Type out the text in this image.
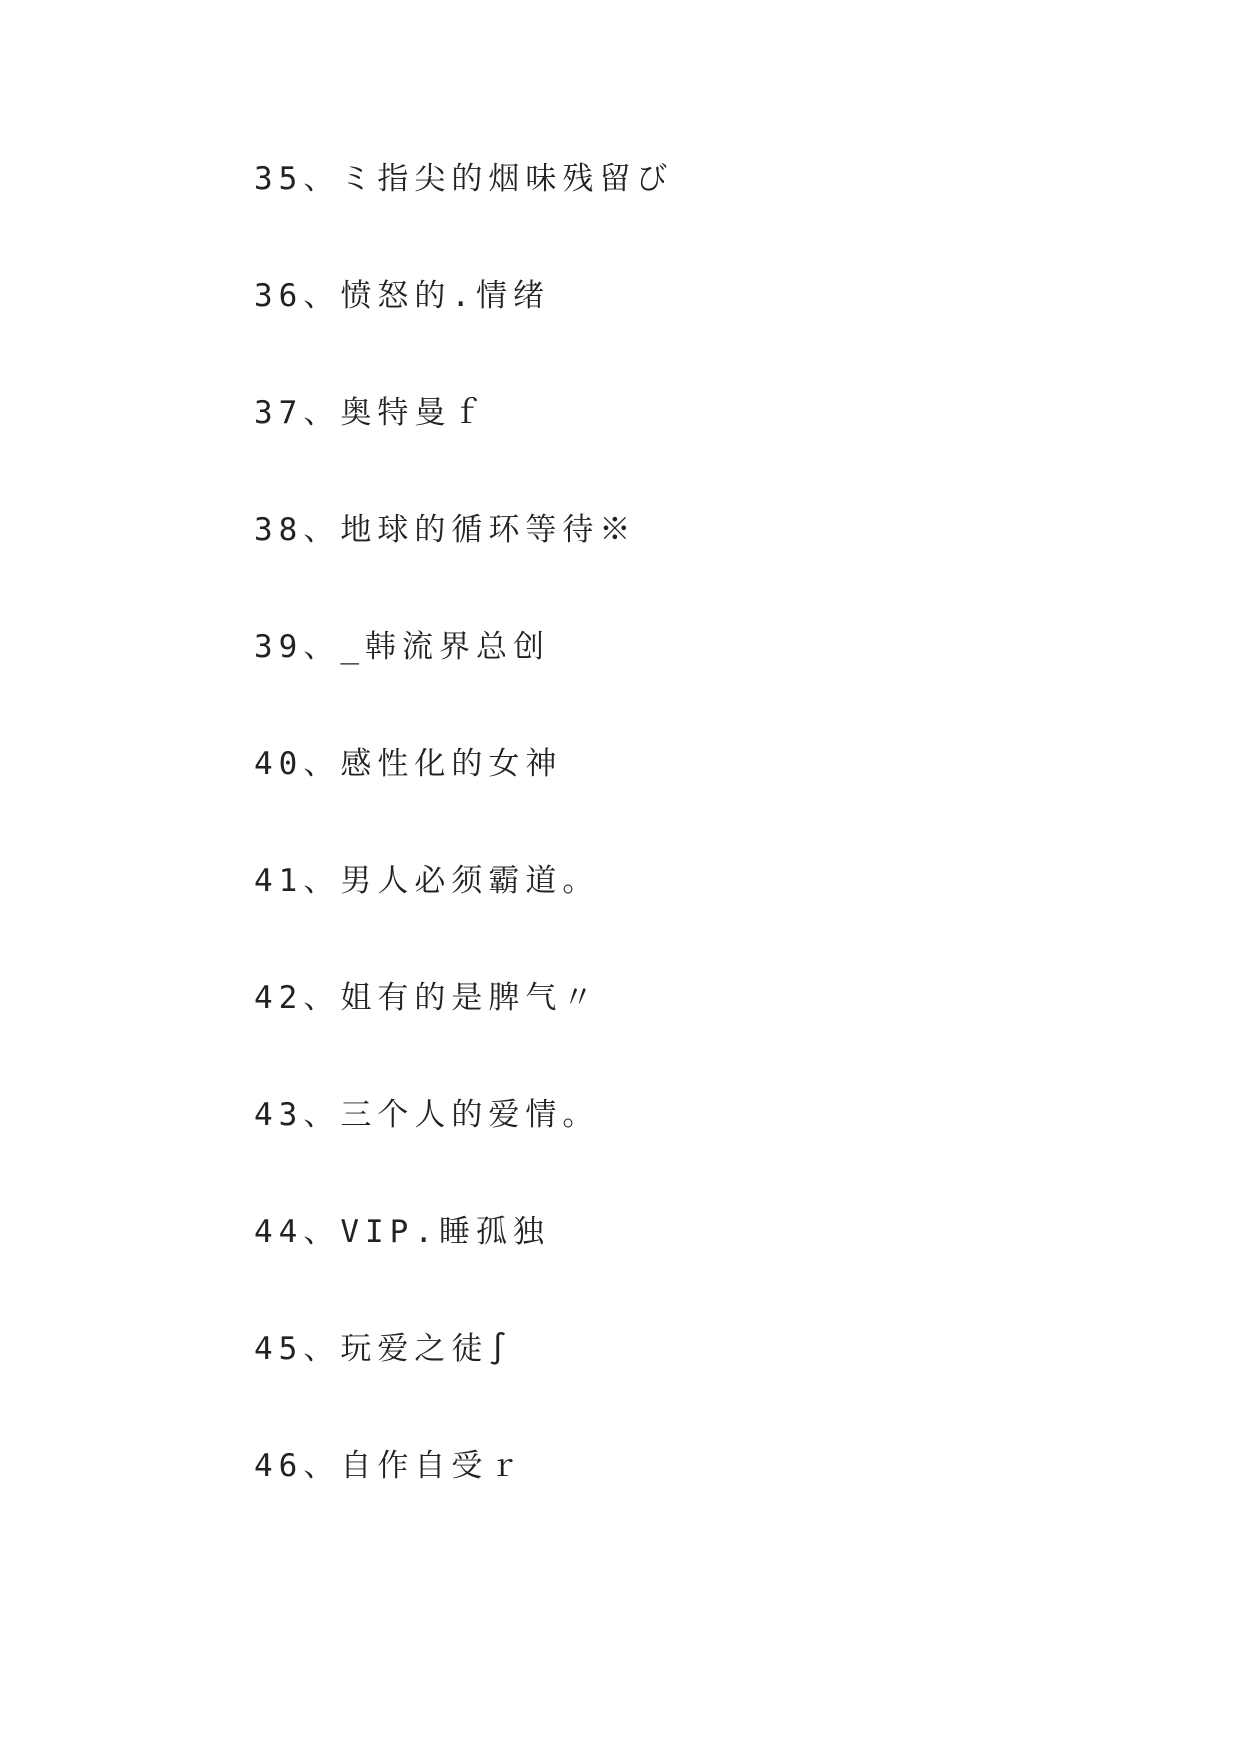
35、ミ指尖的烟味残留び
36、愤怒的.情绪
37、奥特曼ｆ
38、地球的循环等待※
39、_韩流界总创
40、感性化的女神
41、男人必须霸道。
42、姐有的是脾气〃
43、三个人的爱情。
44、VIP.睡孤独
45、玩爱之徒∫
46、自作自受ｒ
